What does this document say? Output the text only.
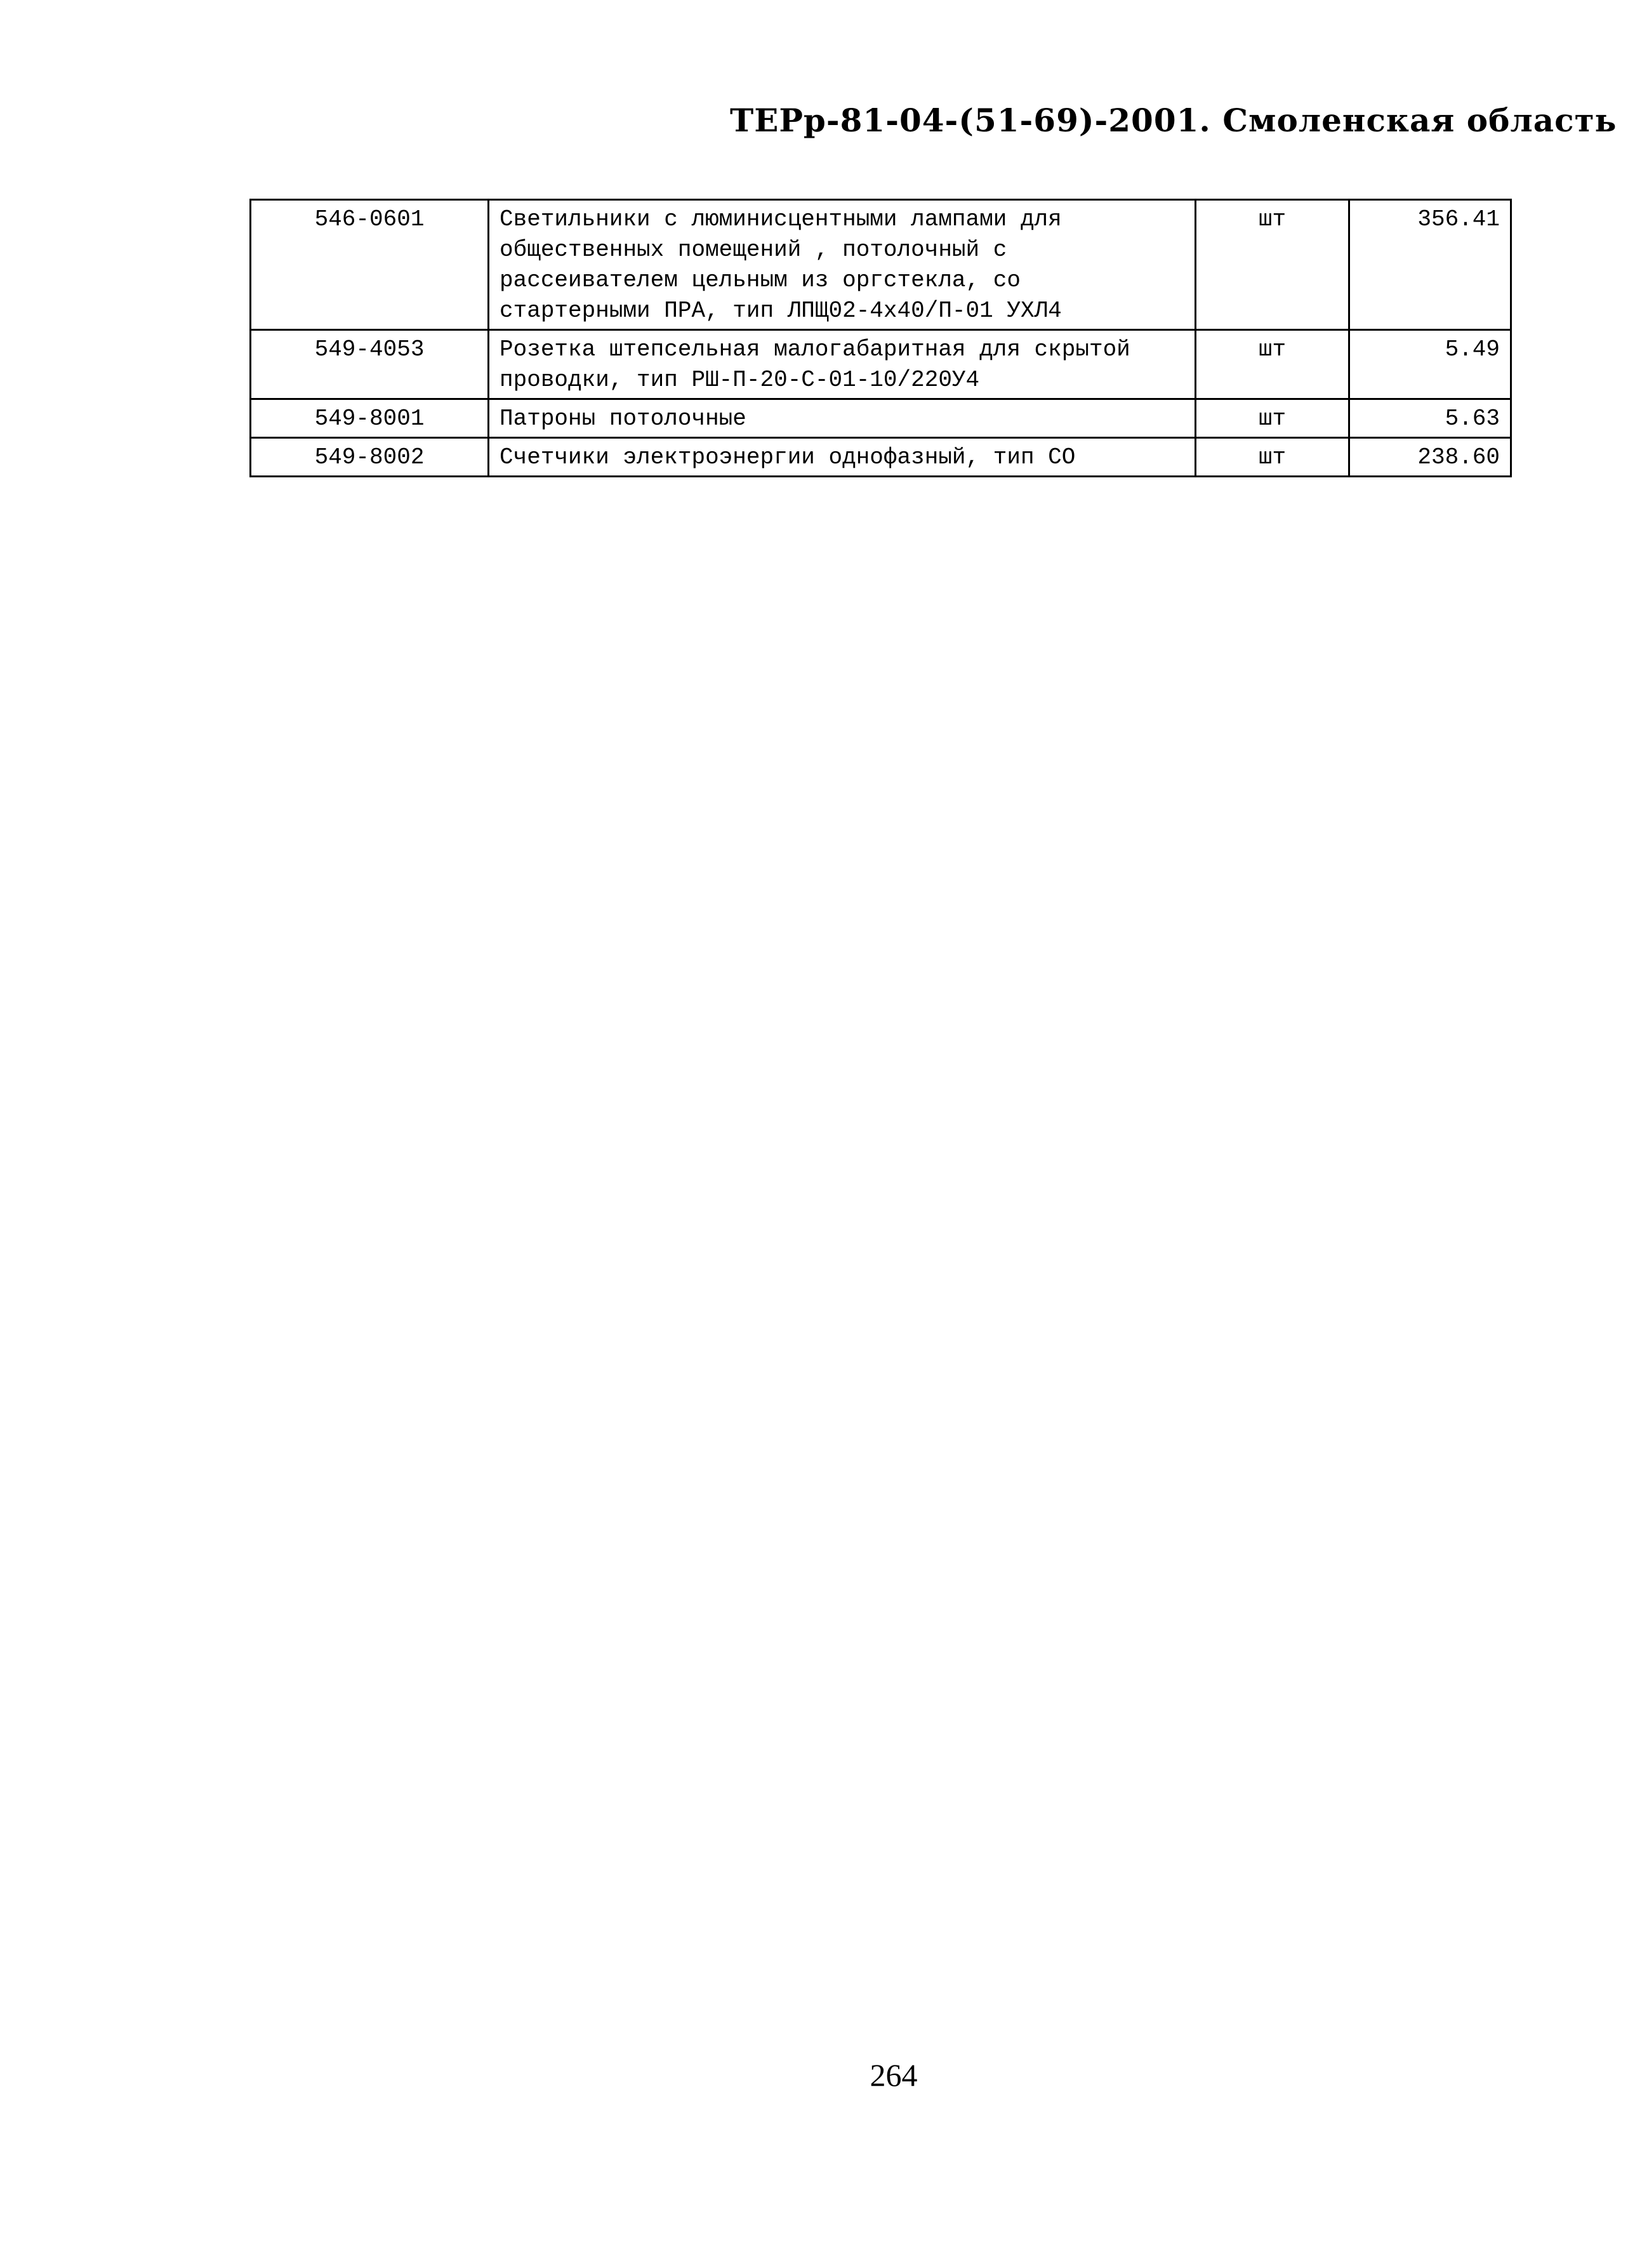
ТЕРр-81-04-(51-69)-2001. Смоленская область
546-0601	Светильники с люминисцентными лампами для общественных помещений , потолочный с рассеивателем цельным из оргстекла, со стартерными ПРА, тип ЛПЩ02-4х40/П-01 УХЛ4	шт	356.41
549-4053	Розетка штепсельная малогабаритная для скрытой проводки, тип РШ-П-20-С-01-10/220У4	шт	5.49
549-8001	Патроны потолочные	шт	5.63
549-8002	Счетчики электроэнергии однофазный, тип СО	шт	238.60
264
